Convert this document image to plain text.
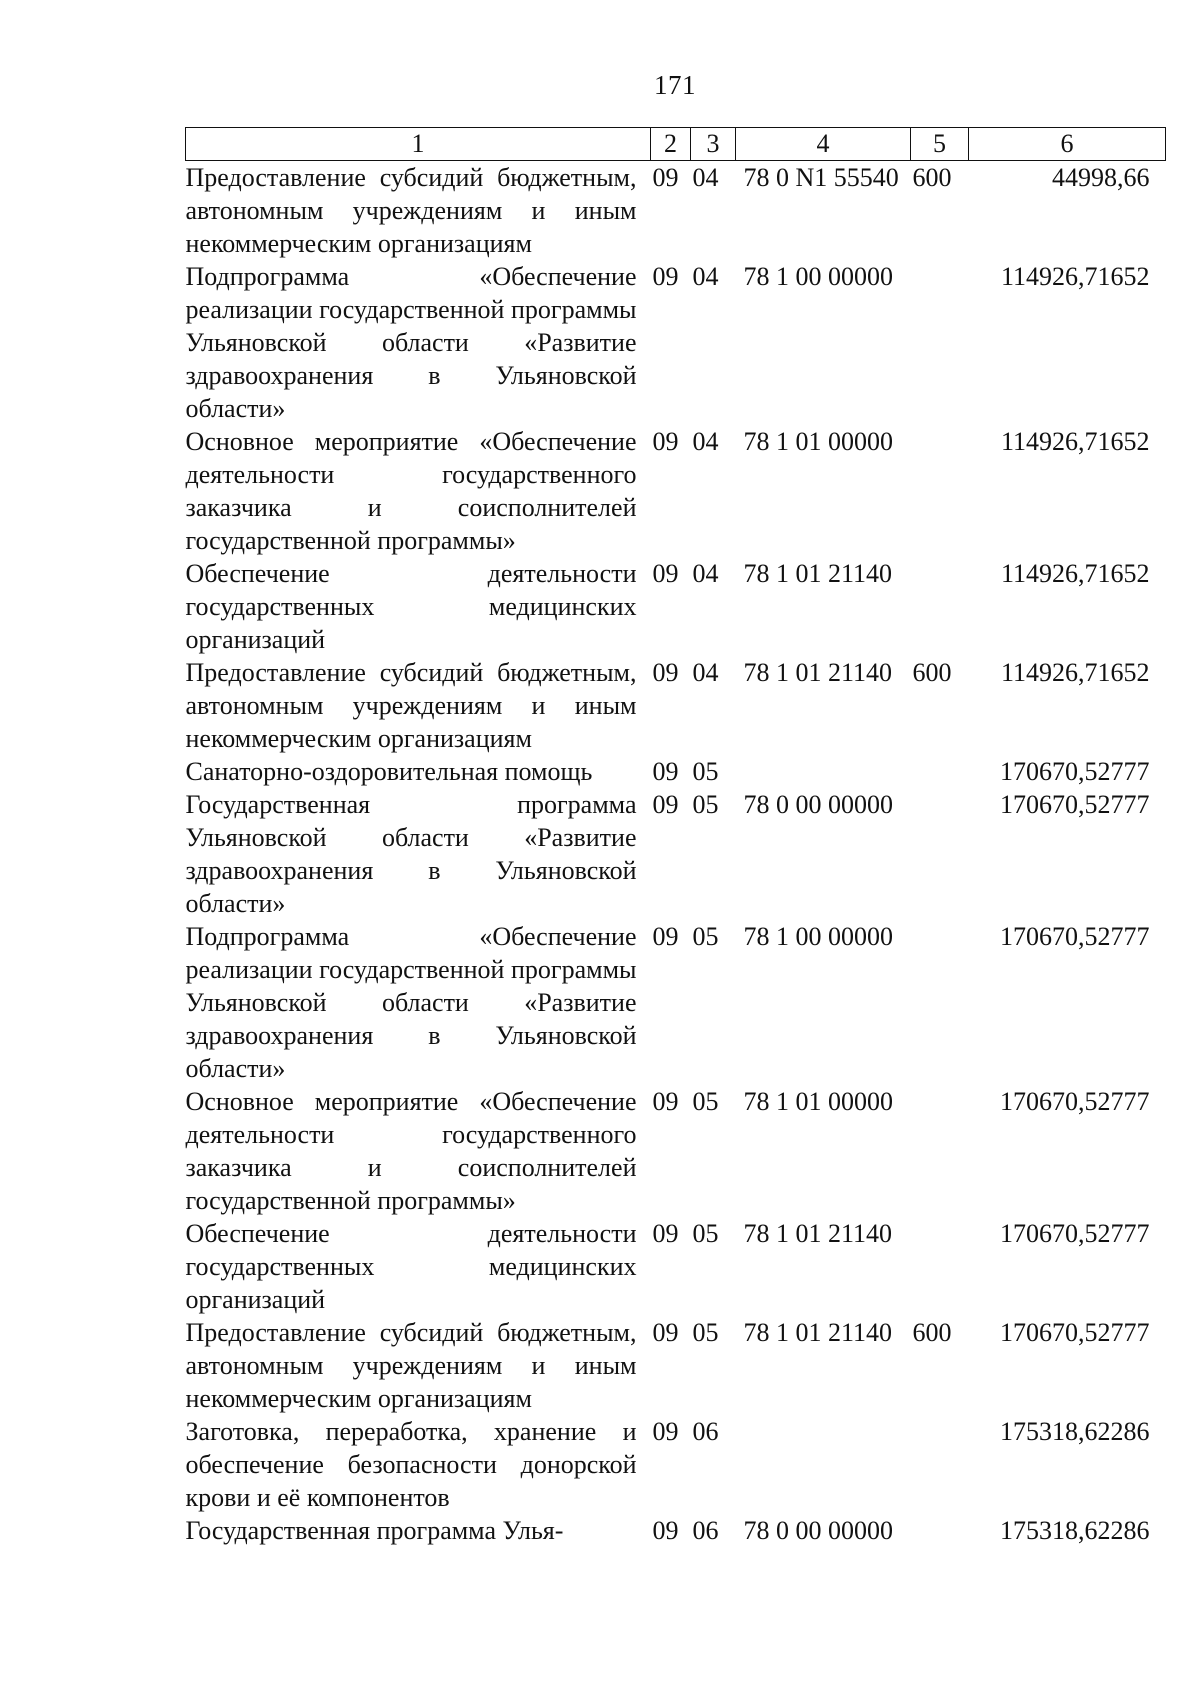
171
1	2	3	4	5	6
Предоставление субсидий бюджетным, автономным учреждениям и иным некоммерческим организациям	09	04	78 0 N1 55540	600	44998,66
Подпрограмма «Обеспечение реализации государственной программы Ульяновской области «Развитие здравоохранения в Ульяновской области»	09	04	78 1 00 00000		114926,71652
Основное мероприятие «Обеспечение деятельности государственного заказчика и соисполнителей государственной программы»	09	04	78 1 01 00000		114926,71652
Обеспечение деятельности государственных медицинских организаций	09	04	78 1 01 21140		114926,71652
Предоставление субсидий бюджетным, автономным учреждениям и иным некоммерческим организациям	09	04	78 1 01 21140	600	114926,71652
Санаторно-оздоровительная помощь	09	05			170670,52777
Государственная программа Ульяновской области «Развитие здравоохранения в Ульяновской области»	09	05	78 0 00 00000		170670,52777
Подпрограмма «Обеспечение реализации государственной программы Ульяновской области «Развитие здравоохранения в Ульяновской области»	09	05	78 1 00 00000		170670,52777
Основное мероприятие «Обеспечение деятельности государственного заказчика и соисполнителей государственной программы»	09	05	78 1 01 00000		170670,52777
Обеспечение деятельности государственных медицинских организаций	09	05	78 1 01 21140		170670,52777
Предоставление субсидий бюджетным, автономным учреждениям и иным некоммерческим организациям	09	05	78 1 01 21140	600	170670,52777
Заготовка, переработка, хранение и обеспечение безопасности донорской крови и её компонентов	09	06			175318,62286
Государственная программа Улья-	09	06	78 0 00 00000		175318,62286
